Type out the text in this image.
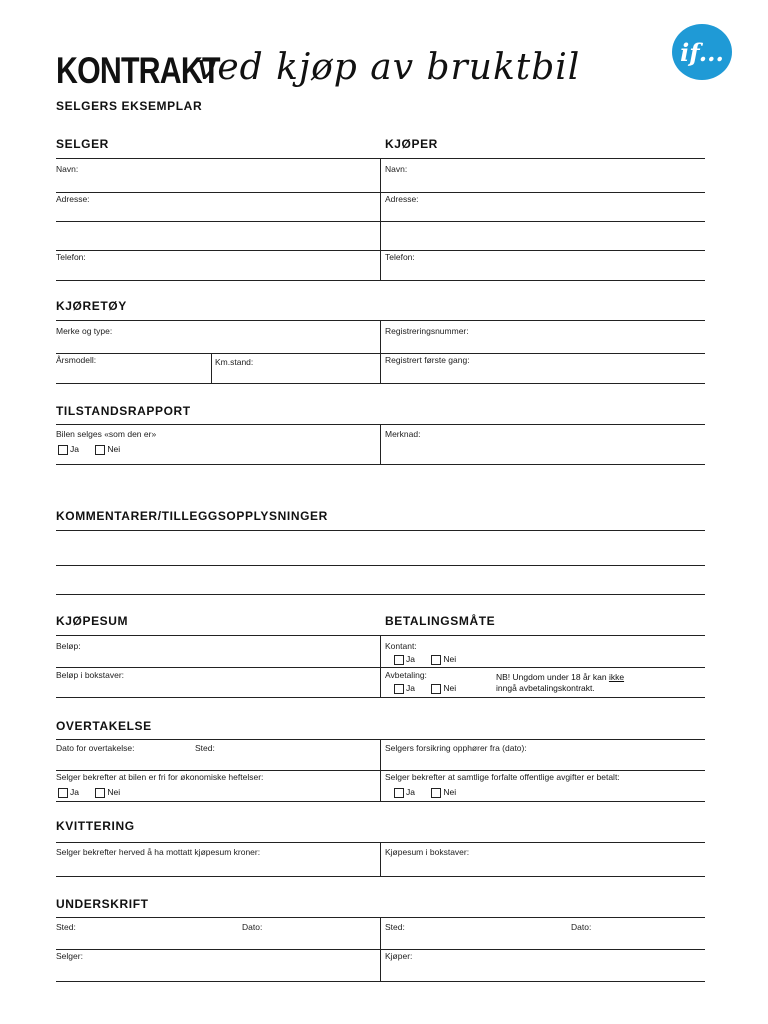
KONTRAKT
ved kjøp av bruktbil
SELGERS EKSEMPLAR
if...
SELGER	KJØPER
Navn:	Navn:
Adresse:	Adresse:
Telefon:	Telefon:
KJØRETØY
Merke og type:	Registreringsnummer:
Årsmodell:	Km.stand:	Registrert første gang:
TILSTANDSRAPPORT
Bilen selges «som den er»
Ja	Nei
Merknad:
KOMMENTARER/TILLEGGSOPPLYSNINGER
KJØPESUM	BETALINGSMÅTE
Beløp:	Kontant:
Ja	Nei
Beløp i bokstaver:	Avbetaling:
Ja	Nei
NB! Ungdom under 18 år kan ikke
inngå avbetalingskontrakt.
OVERTAKELSE
Dato for overtakelse:	Sted:	Selgers forsikring opphører fra (dato):
Selger bekrefter at bilen er fri for økonomiske heftelser:
Ja	Nei
Selger bekrefter at samtlige forfalte offentlige avgifter er betalt:
Ja	Nei
KVITTERING
Selger bekrefter herved å ha mottatt kjøpesum kroner:	Kjøpesum i bokstaver:
UNDERSKRIFT
Sted:	Dato:	Sted:	Dato:
Selger:	Kjøper:
